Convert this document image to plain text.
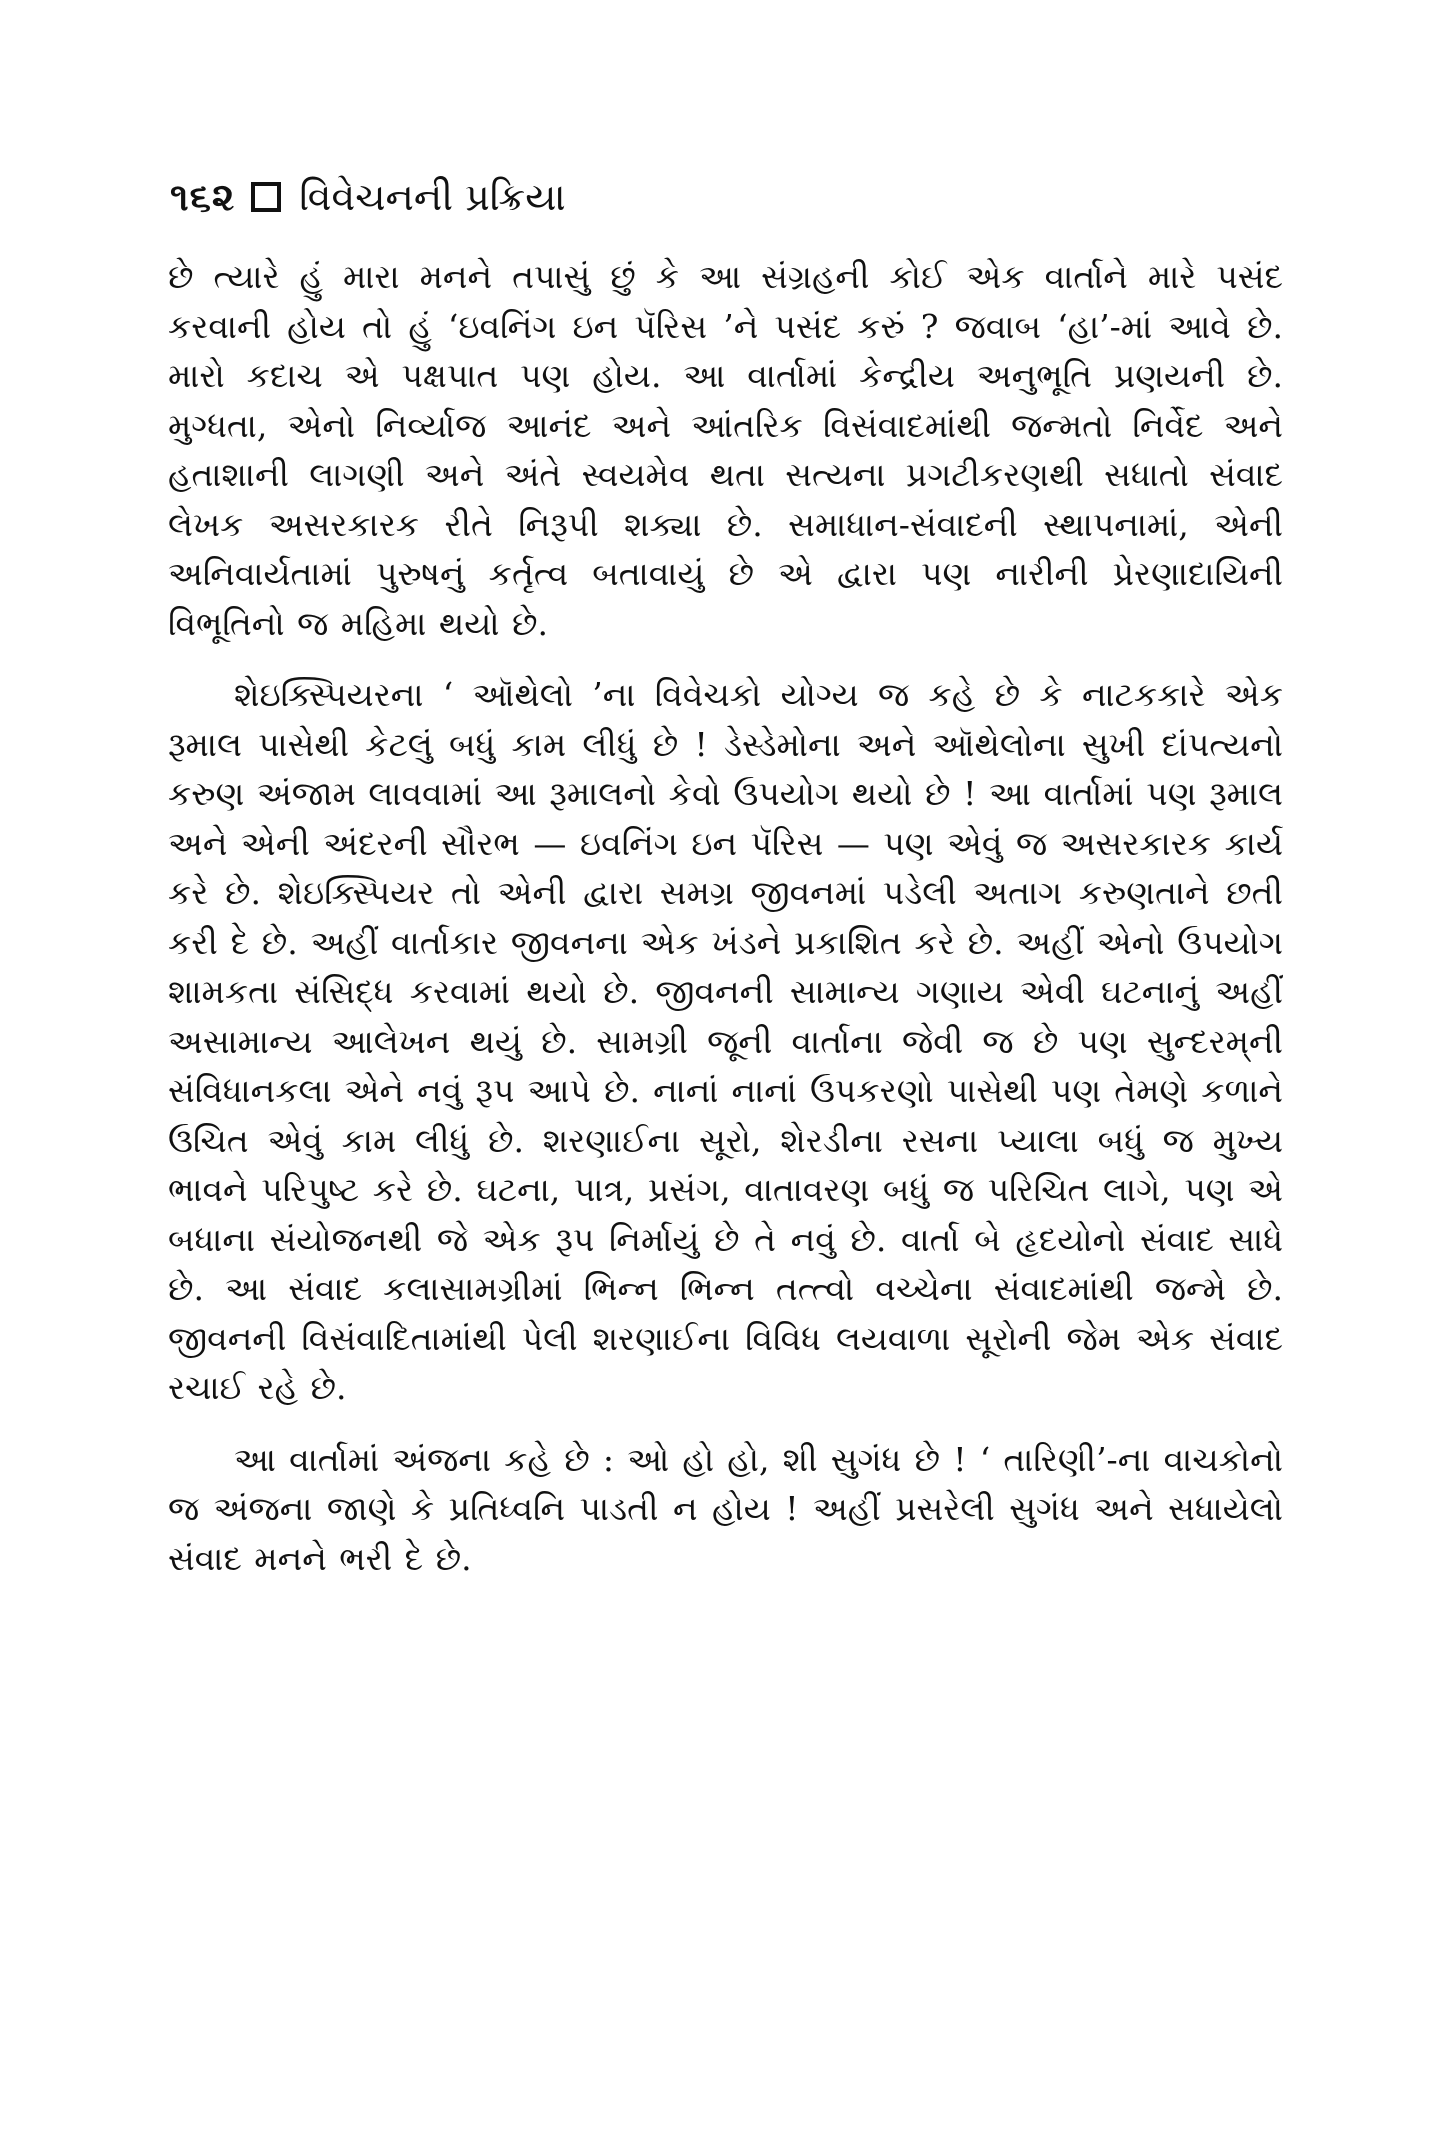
૧૬૨ વિવેચનની પ્રક્રિયા

છે ત્યારે હું મારા મનને તપાસું છું કે આ સંગ્રહની કોઈ એક વાર્તાને મારે પસંદ કરવાની હોય તો હું ‘ઇવનિંગ ઇન પૅરિસ ’ને પસંદ કરું ? જવાબ ‘હા’-માં આવે છે. મારો કદાચ એ પક્ષપાત પણ હોય. આ વાર્તામાં કેન્દ્રીય અનુભૂતિ પ્રણયની છે. મુગ્ધતા, એનો નિર્વ્યાજ આનંદ અને આંતરિક વિસંવાદમાંથી જન્મતો નિર્વેદ અને હતાશાની લાગણી અને અંતે સ્વયમેવ થતા સત્યના પ્રગટીકરણથી સધાતો સંવાદ લેખક અસરકારક રીતે નિરૂપી શક્યા છે. સમાધાન-સંવાદની સ્થાપનામાં, એની અનિવાર્યતામાં પુરુષનું કર્તૃત્વ બતાવાયું છે એ દ્વારા પણ નારીની પ્રેરણાદાયિની વિભૂતિનો જ મહિમા થયો છે.

શેઇક્સ્પિયરના ‘ ઑથેલો ’ના વિવેચકો યોગ્ય જ કહે છે કે નાટકકારે એક રૂમાલ પાસેથી કેટલું બધું કામ લીધું છે ! ડેસ્ડેમોના અને ઑથેલોના સુખી દાંપત્યનો કરુણ અંજામ લાવવામાં આ રૂમાલનો કેવો ઉપયોગ થયો છે ! આ વાર્તામાં પણ રૂમાલ અને એની અંદરની સૌરભ — ઇવનિંગ ઇન પૅરિસ — પણ એવું જ અસરકારક કાર્ય કરે છે. શેઇક્સ્પિયર તો એની દ્વારા સમગ્ર જીવનમાં પડેલી અતાગ કરુણતાને છતી કરી દે છે. અહીં વાર્તાકાર જીવનના એક ખંડને પ્રકાશિત કરે છે. અહીં એનો ઉપયોગ શામકતા સંસિદ્ધ કરવામાં થયો છે. જીવનની સામાન્ય ગણાય એવી ઘટનાનું અહીં અસામાન્ય આલેખન થયું છે. સામગ્રી જૂની વાર્તાના જેવી જ છે પણ સુન્દરમ્‌ની સંવિધાનકલા એને નવું રૂપ આપે છે. નાનાં નાનાં ઉપકરણો પાસેથી પણ તેમણે કળાને ઉચિત એવું કામ લીધું છે. શરણાઈના સૂરો, શેરડીના રસના પ્યાલા બધું જ મુખ્ય ભાવને પરિપુષ્ટ કરે છે. ઘટના, પાત્ર, પ્રસંગ, વાતાવરણ બધું જ પરિચિત લાગે, પણ એ બધાના સંયોજનથી જે એક રૂપ નિર્માયું છે તે નવું છે. વાર્તા બે હૃદયોનો સંવાદ સાધે છે. આ સંવાદ કલાસામગ્રીમાં ભિન્ન ભિન્ન તત્ત્વો વચ્ચેના સંવાદમાંથી જન્મે છે. જીવનની વિસંવાદિતામાંથી પેલી શરણાઈના વિવિધ લયવાળા સૂરોની જેમ એક સંવાદ રચાઈ રહે છે.

આ વાર્તામાં અંજના કહે છે : ઓ હો હો, શી સુગંધ છે ! ‘ તારિણી’-ના વાચકોનો જ અંજના જાણે કે પ્રતિધ્વનિ પાડતી ન હોય ! અહીં પ્રસરેલી સુગંધ અને સધાયેલો સંવાદ મનને ભરી દે છે.
